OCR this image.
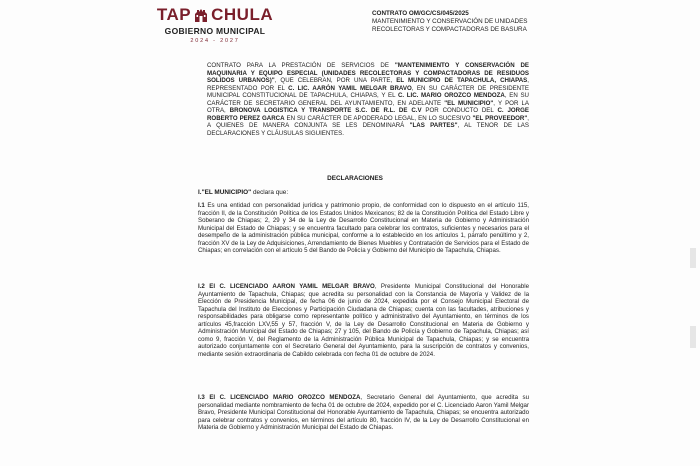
TAP CHULA
GOBIERNO MUNICIPAL
2024 - 2027
CONTRATO OM/GC/CS/045/2025
MANTENIMIENTO Y CONSERVACIÓN DE UNIDADES
RECOLECTORAS Y COMPACTADORAS DE BASURA
CONTRATO PARA LA PRESTACIÓN DE SERVICIOS DE "MANTENIMIENTO Y CONSERVACIÓN DE MAQUINARIA Y EQUIPO ESPECIAL (UNIDADES RECOLECTORAS Y COMPACTADORAS DE RESIDUOS SOLIDOS URBANOS)", QUE CELEBRAN, POR UNA PARTE, EL MUNICIPIO DE TAPACHULA, CHIAPAS, REPRESENTADO POR EL C. LIC. AARÓN YAMIL MELGAR BRAVO, EN SU CARÁCTER DE PRESIDENTE MUNICIPAL CONSTITUCIONAL DE TAPACHULA, CHIAPAS, Y EL C. LIC. MARIO OROZCO MENDOZA, EN SU CARÁCTER DE SECRETARIO GENERAL DEL AYUNTAMIENTO, EN ADELANTE "EL MUNICIPIO", Y POR LA OTRA, BRONOVA LOGISTICA Y TRANSPORTE S.C. DE R.L. DE C.V POR CONDUCTO DEL C. JORGE ROBERTO PEREZ GARCA EN SU CARÁCTER DE APODERADO LEGAL, EN LO SUCESIVO "EL PROVEEDOR", A QUIENES DE MANERA CONJUNTA SE LES DENOMINARÁ "LAS PARTES", AL TENOR DE LAS DECLARACIONES Y CLÁUSULAS SIGUIENTES.
DECLARACIONES
I."EL MUNICIPIO" declara que:
I.1 Es una entidad con personalidad jurídica y patrimonio propio, de conformidad con lo dispuesto en el artículo 115, fracción II, de la Constitución Política de los Estados Unidos Mexicanos; 82 de la Constitución Política del Estado Libre y Soberano de Chiapas; 2, 29 y 34 de la Ley de Desarrollo Constitucional en Materia de Gobierno y Administración Municipal del Estado de Chiapas; y se encuentra facultado para celebrar los contratos, suficientes y necesarios para el desempeño de la administración pública municipal, conforme a lo establecido en los artículos 1, párrafo penúltimo y 2, fracción XV de la Ley de Adquisiciones, Arrendamiento de Bienes Muebles y Contratación de Servicios para el Estado de Chiapas; en correlación con el artículo 5 del Bando de Policía y Gobierno del Municipio de Tapachula, Chiapas.
I.2 El C. LICENCIADO AARON YAMIL MELGAR BRAVO, Presidente Municipal Constitucional del Honorable Ayuntamiento de Tapachula, Chiapas; que acredita su personalidad con la Constancia de Mayoría y Validez de la Elección de Presidencia Municipal, de fecha 06 de junio de 2024, expedida por el Consejo Municipal Electoral de Tapachula del Instituto de Elecciones y Participación Ciudadana de Chiapas; cuenta con las facultades, atribuciones y responsabilidades para obligarse como representante político y administrativo del Ayuntamiento, en términos de los artículos 45,fracción LXV,55 y 57, fracción V, de la Ley de Desarrollo Constitucional en Materia de Gobierno y Administración Municipal del Estado de Chiapas; 27 y 105, del Bando de Policía y Gobierno de Tapachula, Chiapas; así como 9, fracción V, del Reglamento de la Administración Pública Municipal de Tapachula, Chiapas; y se encuentra autorizado conjuntamente con el Secretario General del Ayuntamiento, para la suscripción de contratos y convenios, mediante sesión extraordinaria de Cabildo celebrada con fecha 01 de octubre de 2024.
I.3 El C. LICENCIADO MARIO OROZCO MENDOZA, Secretario General del Ayuntamiento, que acredita su personalidad mediante nombramiento de fecha 01 de octubre de 2024, expedido por el C. Licenciado Aaron Yamil Melgar Bravo, Presidente Municipal Constitucional del Honorable Ayuntamiento de Tapachula, Chiapas; se encuentra autorizado para celebrar contratos y convenios, en términos del artículo 80, fracción IV, de la Ley de Desarrollo Constitucional en Materia de Gobierno y Administración Municipal del Estado de Chiapas.
